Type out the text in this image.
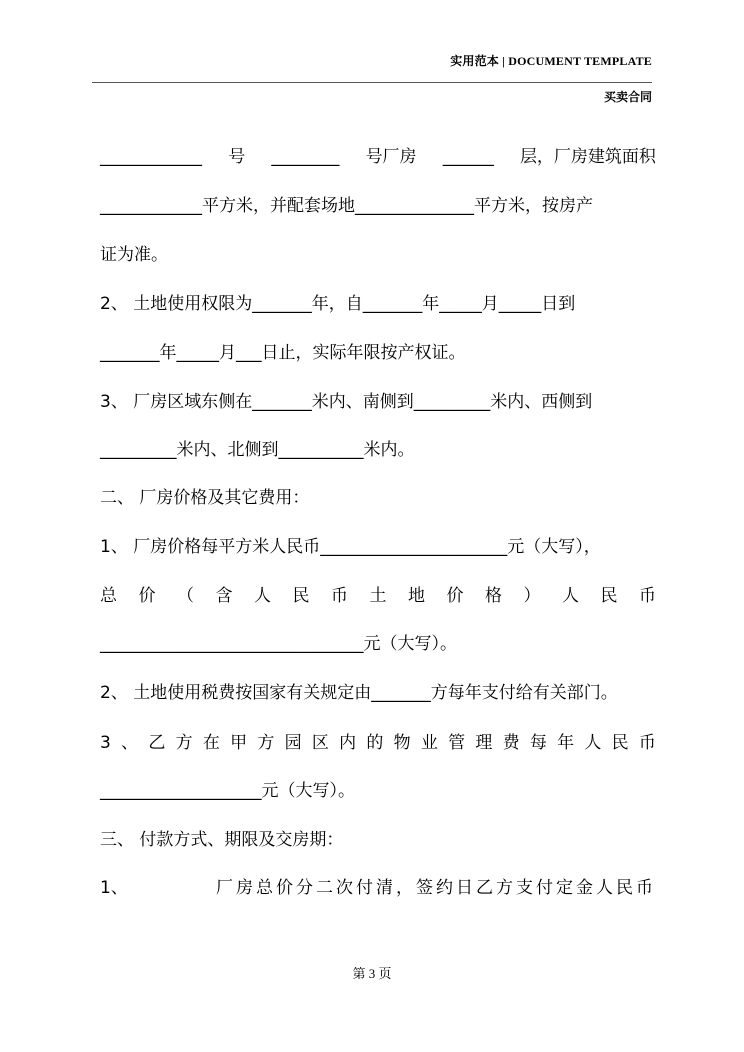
实用范本 | DOCUMENT TEMPLATE
买卖合同
____________ 号 ________ 号厂房 ______ 层，厂房建筑面积
____________平方米，并配套场地______________平方米，按房产
证为准。
2、 土地使用权限为_______年，自_______年_____月_____日到
_______年_____月___日止，实际年限按产权证。
3、 厂房区域东侧在_______米内、南侧到_________米内、西侧到
_________米内、北侧到__________米内。
二、 厂房价格及其它费用：
1、 厂房价格每平方米人民币______________________元（大写），
总 价 （ 含 人 民 币 土 地 价 格 ） 人 民 币
_______________________________元（大写）。
2、 土地使用税费按国家有关规定由_______方每年支付给有关部门。
3 、 乙 方 在 甲 方 园 区 内 的 物 业 管 理 费 每 年 人 民 币
___________________元（大写）。
三、 付款方式、期限及交房期：
1、	厂房总价分二次付清，签约日乙方支付定金人民币
第 3 页
